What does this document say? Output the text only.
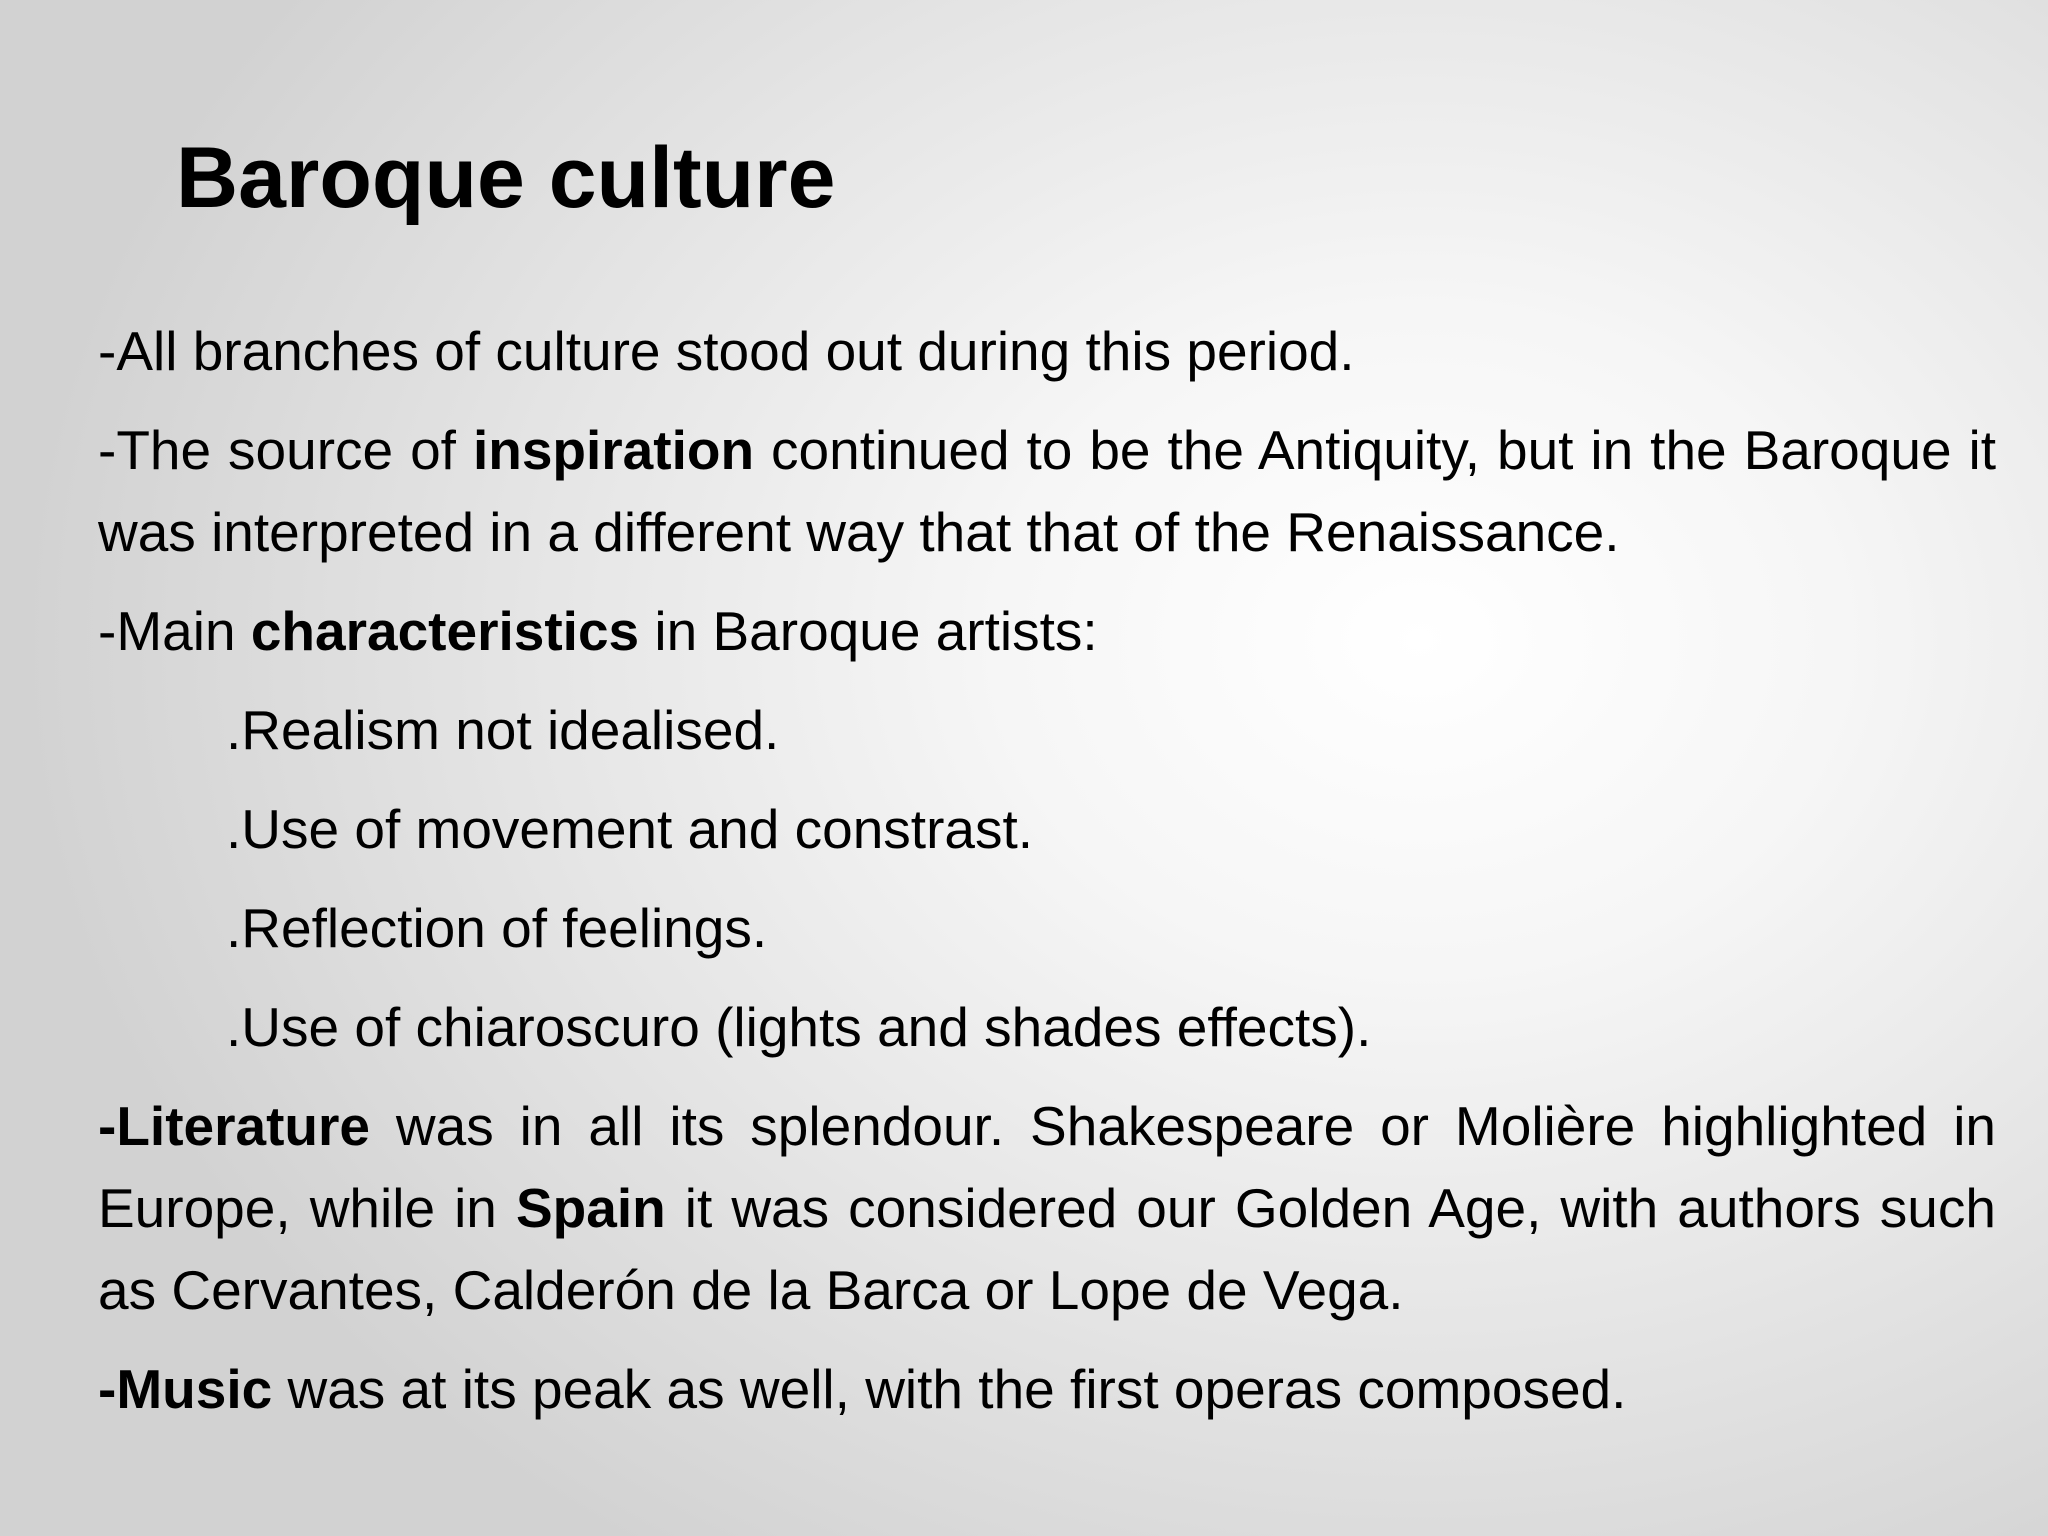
Baroque culture

-All branches of culture stood out during this period.

-The source of inspiration continued to be the Antiquity, but in the Baroque it was interpreted in a different way that that of the Renaissance.

-Main characteristics in Baroque artists:

.Realism not idealised.

.Use of movement and constrast.

.Reflection of feelings.

.Use of chiaroscuro (lights and shades effects).

-Literature was in all its splendour. Shakespeare or Molière highlighted in Europe, while in Spain it was considered our Golden Age, with authors such as Cervantes, Calderón de la Barca or Lope de Vega.

-Music was at its peak as well, with the first operas composed.
